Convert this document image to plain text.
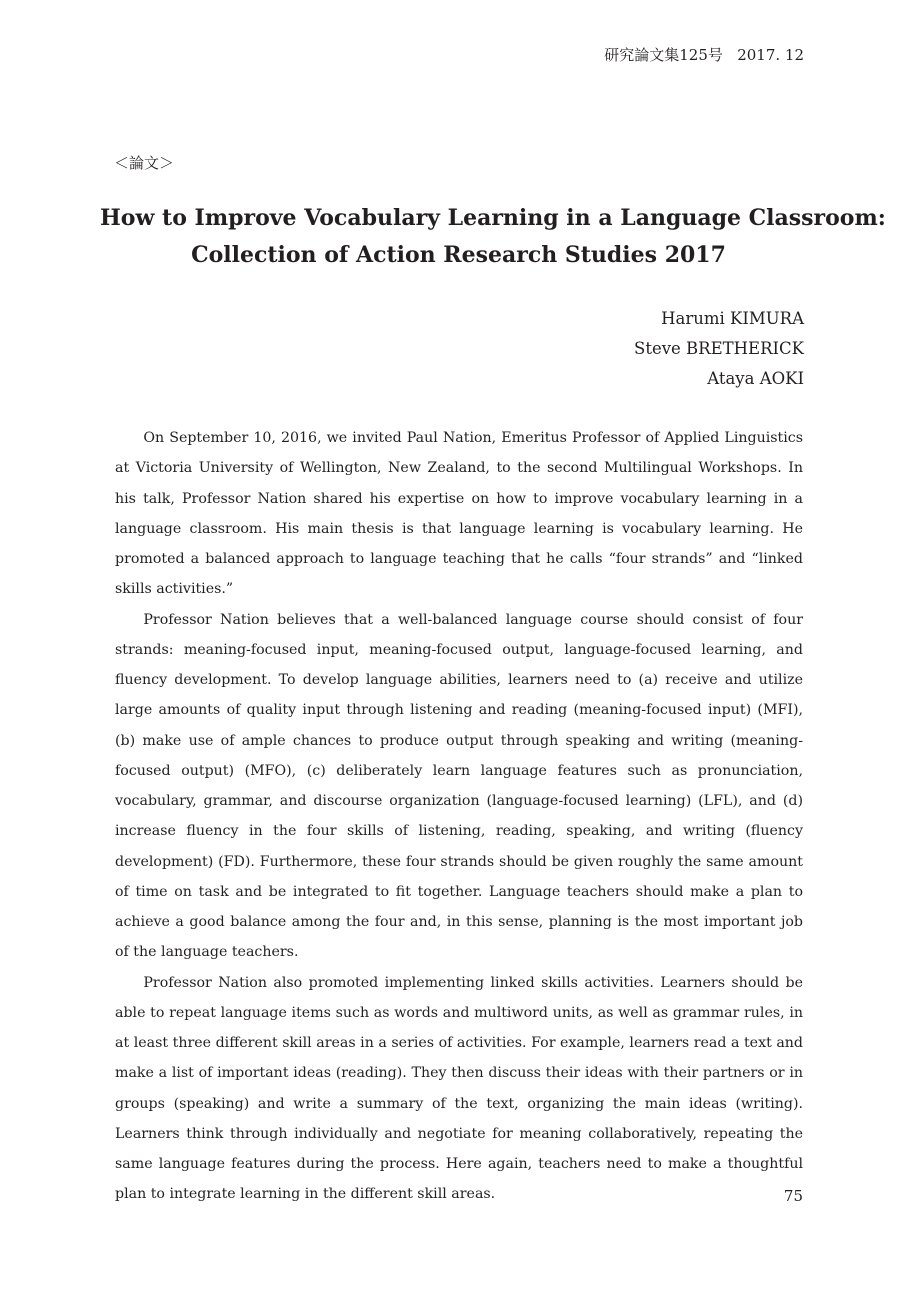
研究論文集125号 2017. 12
＜論文＞
How to Improve Vocabulary Learning in a Language Classroom:
Collection of Action Research Studies 2017
Harumi KIMURA
Steve BRETHERICK
Ataya AOKI

On September 10, 2016, we invited Paul Nation, Emeritus Professor of Applied Linguistics at Victoria University of Wellington, New Zealand, to the second Multilingual Workshops. In his talk, Professor Nation shared his expertise on how to improve vocabulary learning in a language classroom. His main thesis is that language learning is vocabulary learning. He promoted a balanced approach to language teaching that he calls “four strands” and “linked skills activities.”

Professor Nation believes that a well-balanced language course should consist of four strands: meaning-focused input, meaning-focused output, language-focused learning, and fluency development. To develop language abilities, learners need to (a) receive and utilize large amounts of quality input through listening and reading (meaning-focused input) (MFI), (b) make use of ample chances to produce output through speaking and writing (meaning-focused output) (MFO), (c) deliberately learn language features such as pronunciation, vocabulary, grammar, and discourse organization (language-focused learning) (LFL), and (d) increase fluency in the four skills of listening, reading, speaking, and writing (fluency development) (FD). Furthermore, these four strands should be given roughly the same amount of time on task and be integrated to fit together. Language teachers should make a plan to achieve a good balance among the four and, in this sense, planning is the most important job of the language teachers.

Professor Nation also promoted implementing linked skills activities. Learners should be able to repeat language items such as words and multiword units, as well as grammar rules, in at least three different skill areas in a series of activities. For example, learners read a text and make a list of important ideas (reading). They then discuss their ideas with their partners or in groups (speaking) and write a summary of the text, organizing the main ideas (writing). Learners think through individually and negotiate for meaning collaboratively, repeating the same language features during the process. Here again, teachers need to make a thoughtful plan to integrate learning in the different skill areas.	75
